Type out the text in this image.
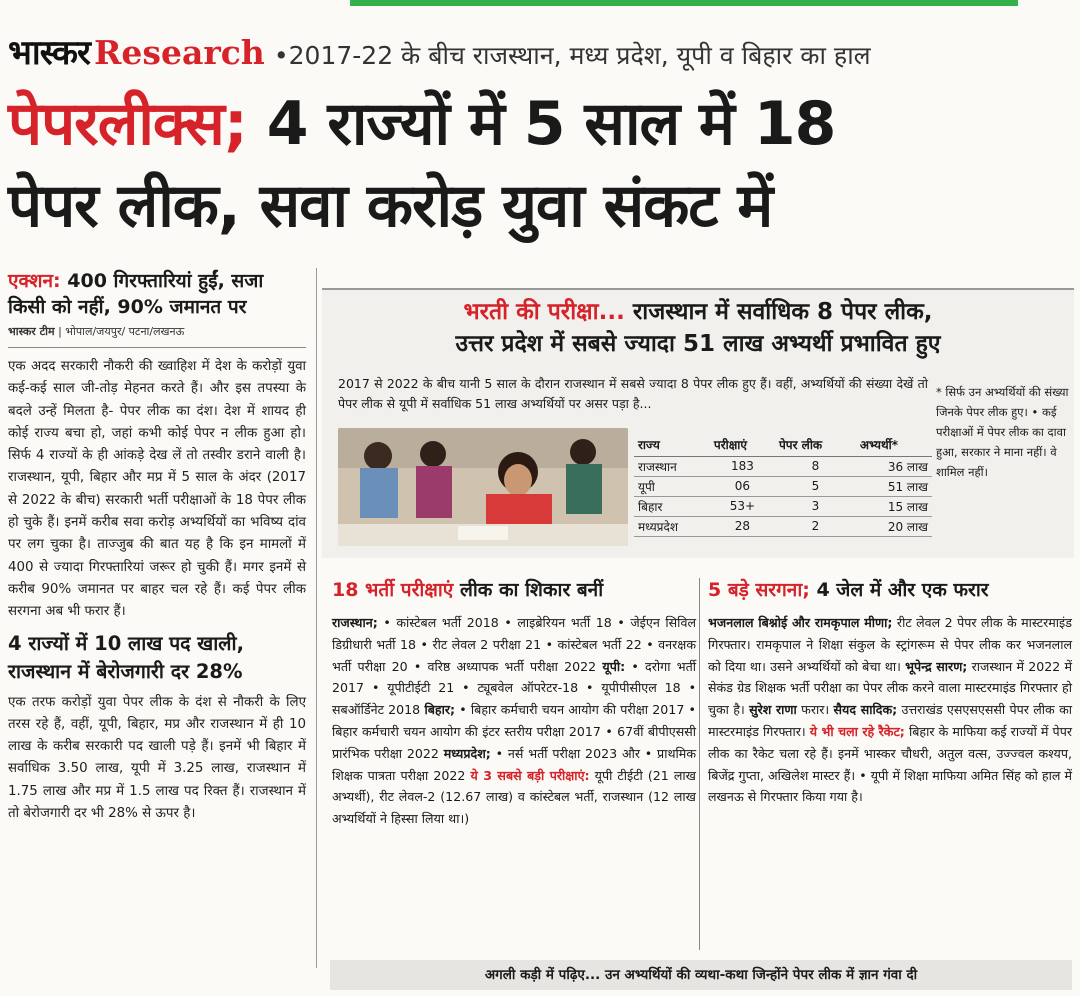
भास्कर Research •2017-22 के बीच राजस्थान, मध्य प्रदेश, यूपी व बिहार का हाल
पेपरलीक्स; 4 राज्यों में 5 साल में 18
पेपर लीक, सवा करोड़ युवा संकट में
एक्शन: 400 गिरफ्तारियां हुईं, सजा किसी को नहीं, 90% जमानत पर
भास्कर टीम | भोपाल/जयपुर/ पटना/लखनऊ

एक अदद सरकारी नौकरी की ख्वाहिश में देश के करोड़ों युवा कई-कई साल जी-तोड़ मेहनत करते हैं। और इस तपस्या के बदले उन्हें मिलता है- पेपर लीक का दंश। देश में शायद ही कोई राज्य बचा हो, जहां कभी कोई पेपर न लीक हुआ हो। सिर्फ 4 राज्यों के ही आंकड़े देख लें तो तस्वीर डराने वाली है। राजस्थान, यूपी, बिहार और मप्र में 5 साल के अंदर (2017 से 2022 के बीच) सरकारी भर्ती परीक्षाओं के 18 पेपर लीक हो चुके हैं। इनमें करीब सवा करोड़ अभ्यर्थियों का भविष्य दांव पर लग चुका है। ताज्जुब की बात यह है कि इन मामलों में 400 से ज्यादा गिरफ्तारियां जरूर हो चुकी हैं। मगर इनमें से करीब 90% जमानत पर बाहर चल रहे हैं। कई पेपर लीक सरगना अब भी फरार हैं।

4 राज्यों में 10 लाख पद खाली, राजस्थान में बेरोजगारी दर 28%

एक तरफ करोड़ों युवा पेपर लीक के दंश से नौकरी के लिए तरस रहे हैं, वहीं, यूपी, बिहार, मप्र और राजस्थान में ही 10 लाख के करीब सरकारी पद खाली पड़े हैं। इनमें भी बिहार में सर्वाधिक 3.50 लाख, यूपी में 3.25 लाख, राजस्थान में 1.75 लाख और मप्र में 1.5 लाख पद रिक्त हैं। राजस्थान में तो बेरोजगारी दर भी 28% से ऊपर है।

भरती की परीक्षा... राजस्थान में सर्वाधिक 8 पेपर लीक,
उत्तर प्रदेश में सबसे ज्यादा 51 लाख अभ्यर्थी प्रभावित हुए

2017 से 2022 के बीच यानी 5 साल के दौरान राजस्थान में सबसे ज्यादा 8 पेपर लीक हुए हैं। वहीं, अभ्यर्थियों की संख्या देखें तो पेपर लीक से यूपी में सर्वाधिक 51 लाख अभ्यर्थियों पर असर पड़ा है...

राज्य	परीक्षाएं	पेपर लीक	अभ्यर्थी*
राजस्थान	183	8	36 लाख
यूपी	06	5	51 लाख
बिहार	53+	3	15 लाख
मध्यप्रदेश	28	2	20 लाख

* सिर्फ उन अभ्यर्थियों की संख्या जिनके पेपर लीक हुए। • कई परीक्षाओं में पेपर लीक का दावा हुआ, सरकार ने माना नहीं। वे शामिल नहीं।

18 भर्ती परीक्षाएं लीक का शिकार बनीं

राजस्थान; • कांस्टेबल भर्ती 2018 • लाइब्रेरियन भर्ती 18 • जेईएन सिविल डिग्रीधारी भर्ती 18 • रीट लेवल 2 परीक्षा 21 • कांस्टेबल भर्ती 22 • वनरक्षक भर्ती परीक्षा 20 • वरिष्ठ अध्यापक भर्ती परीक्षा 2022 यूपी: • दरोगा भर्ती 2017 • यूपीटीईटी 21 • ट्यूबवेल ऑपरेटर-18 • यूपीपीसीएल 18 • सबऑर्डिनेट 2018 बिहार; • बिहार कर्मचारी चयन आयोग की परीक्षा 2017 • बिहार कर्मचारी चयन आयोग की इंटर स्तरीय परीक्षा 2017 • 67वीं बीपीएससी प्रारंभिक परीक्षा 2022 मध्यप्रदेश; • नर्स भर्ती परीक्षा 2023 और • प्राथमिक शिक्षक पात्रता परीक्षा 2022 ये 3 सबसे बड़ी परीक्षाएं: यूपी टीईटी (21 लाख अभ्यर्थी), रीट लेवल-2 (12.67 लाख) व कांस्टेबल भर्ती, राजस्थान (12 लाख अभ्यर्थियों ने हिस्सा लिया था।)

5 बड़े सरगना; 4 जेल में और एक फरार

भजनलाल बिश्नोई और रामकृपाल मीणा; रीट लेवल 2 पेपर लीक के मास्टरमाइंड गिरफ्तार। रामकृपाल ने शिक्षा संकुल के स्ट्रांगरूम से पेपर लीक कर भजनलाल को दिया था। उसने अभ्यर्थियों को बेचा था। भूपेन्द्र सारण; राजस्थान में 2022 में सेकंड ग्रेड शिक्षक भर्ती परीक्षा का पेपर लीक करने वाला मास्टरमाइंड गिरफ्तार हो चुका है। सुरेश राणा फरार। सैयद सादिक; उत्तराखंड एसएसएससी पेपर लीक का मास्टरमाइंड गिरफ्तार। ये भी चला रहे रैकेट; बिहार के माफिया कई राज्यों में पेपर लीक का रैकेट चला रहे हैं। इनमें भास्कर चौधरी, अतुल वत्स, उज्ज्वल कश्यप, बिजेंद्र गुप्ता, अखिलेश मास्टर हैं। • यूपी में शिक्षा माफिया अमित सिंह को हाल में लखनऊ से गिरफ्तार किया गया है।

अगली कड़ी में पढ़िए... उन अभ्यर्थियों की व्यथा-कथा जिन्होंने पेपर लीक में ज्ञान गंवा दी
